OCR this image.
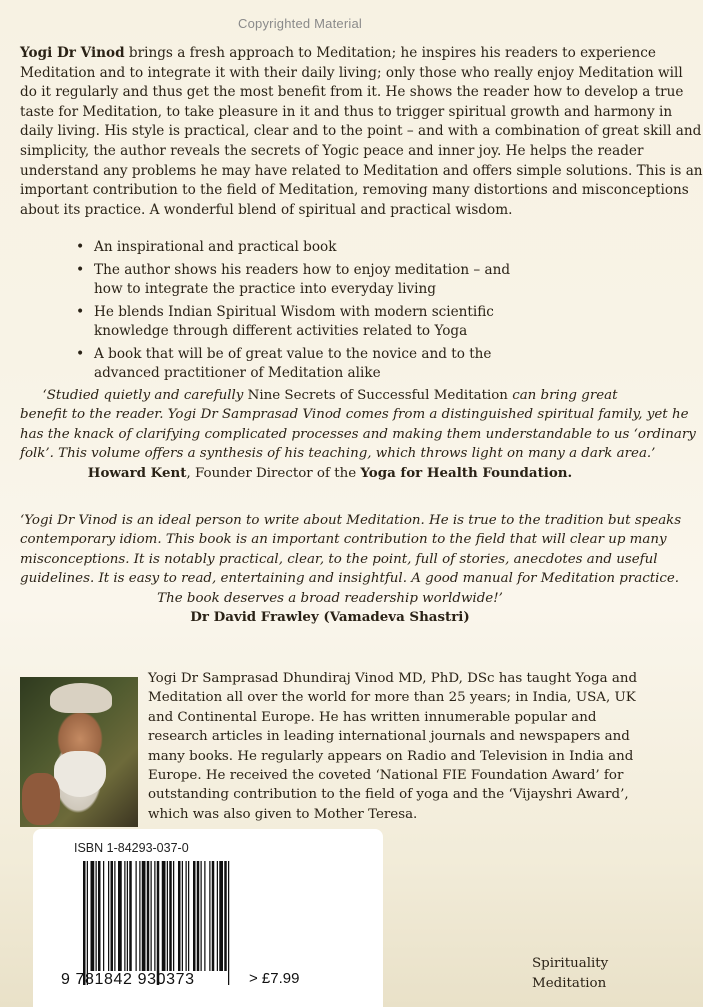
Copyrighted Material

Yogi Dr Vinod brings a fresh approach to Meditation; he inspires his readers to experience
Meditation and to integrate it with their daily living; only those who really enjoy Meditation will
do it regularly and thus get the most benefit from it. He shows the reader how to develop a true
taste for Meditation, to take pleasure in it and thus to trigger spiritual growth and harmony in
daily living. His style is practical, clear and to the point – and with a combination of great skill and
simplicity, the author reveals the secrets of Yogic peace and inner joy. He helps the reader
understand any problems he may have related to Meditation and offers simple solutions. This is an
important contribution to the field of Meditation, removing many distortions and misconceptions
about its practice. A wonderful blend of spiritual and practical wisdom.

• An inspirational and practical book
• The author shows his readers how to enjoy meditation – and how to integrate the practice into everyday living
• He blends Indian Spiritual Wisdom with modern scientific knowledge through different activities related to Yoga
• A book that will be of great value to the novice and to the advanced practitioner of Meditation alike
‘Studied quietly and carefully Nine Secrets of Successful Meditation can bring great
benefit to the reader. Yogi Dr Samprasad Vinod comes from a distinguished spiritual family, yet he
has the knack of clarifying complicated processes and making them understandable to us ‘ordinary
folk’. This volume offers a synthesis of his teaching, which throws light on many a dark area.’
Howard Kent, Founder Director of the Yoga for Health Foundation.
‘Yogi Dr Vinod is an ideal person to write about Meditation. He is true to the tradition but speaks
contemporary idiom. This book is an important contribution to the field that will clear up many
misconceptions. It is notably practical, clear, to the point, full of stories, anecdotes and useful
guidelines. It is easy to read, entertaining and insightful. A good manual for Meditation practice.
The book deserves a broad readership worldwide!’
Dr David Frawley (Vamadeva Shastri)
Yogi Dr Samprasad Dhundiraj Vinod MD, PhD, DSc has taught Yoga and
Meditation all over the world for more than 25 years; in India, USA, UK
and Continental Europe. He has written innumerable popular and
research articles in leading international journals and newspapers and
many books. He regularly appears on Radio and Television in India and
Europe. He received the coveted ‘National FIE Foundation Award’ for
outstanding contribution to the field of yoga and the ‘Vijayshri Award’,
which was also given to Mother Teresa.
ISBN 1-84293-037-0
9 781842 930373	> £7.99
Spirituality
Meditation
